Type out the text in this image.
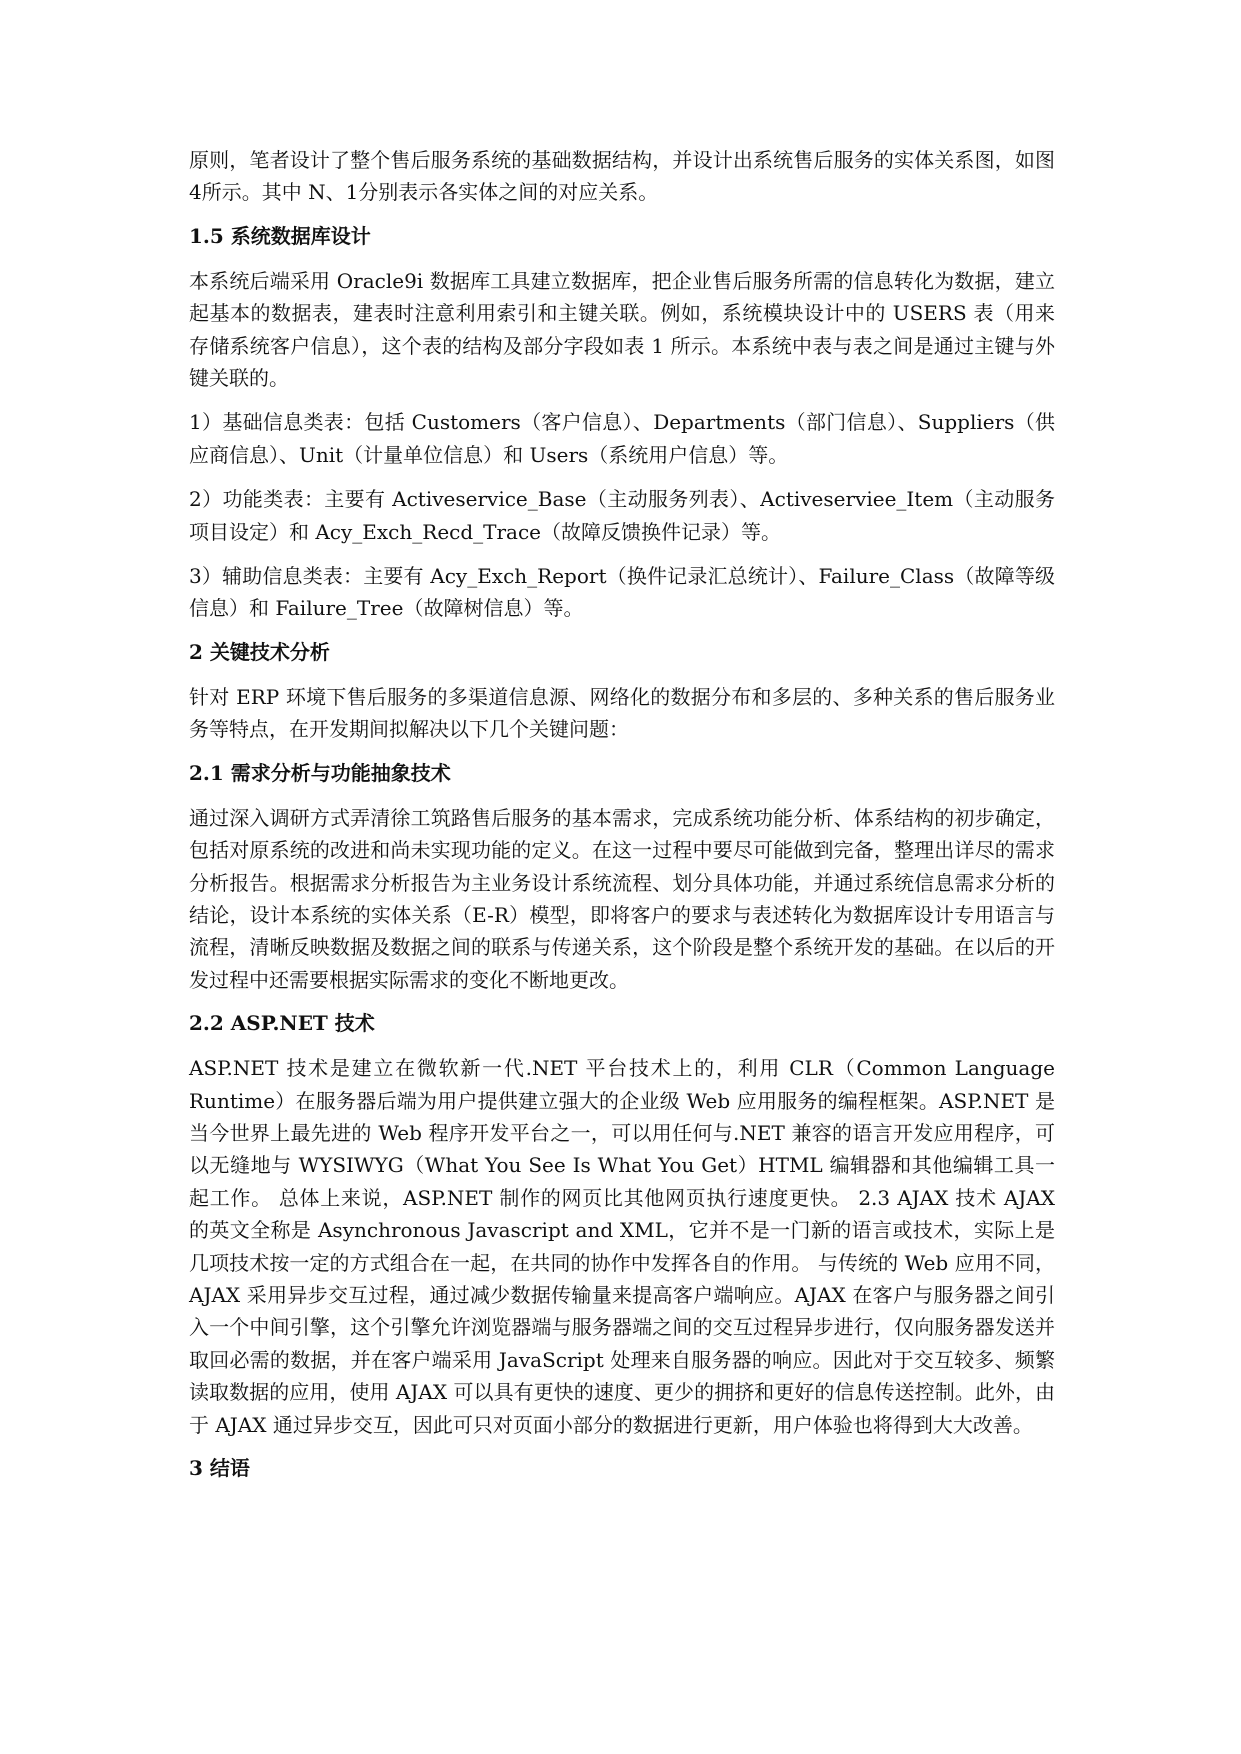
原则，笔者设计了整个售后服务系统的基础数据结构，并设计出系统售后服务的实体关系图，如图4所示。其中 N、1分别表示各实体之间的对应关系。

1.5 系统数据库设计

本系统后端采用 Oracle9i 数据库工具建立数据库，把企业售后服务所需的信息转化为数据，建立起基本的数据表，建表时注意利用索引和主键关联。例如，系统模块设计中的 USERS 表（用来存储系统客户信息），这个表的结构及部分字段如表 1 所示。本系统中表与表之间是通过主键与外键关联的。

1）基础信息类表：包括 Customers（客户信息）、Departments（部门信息）、Suppliers（供应商信息）、Unit（计量单位信息）和 Users（系统用户信息）等。

2）功能类表：主要有 Activeservice_Base（主动服务列表）、Activeserviee_Item（主动服务项目设定）和 Acy_Exch_Recd_Trace（故障反馈换件记录）等。

3）辅助信息类表：主要有 Acy_Exch_Report（换件记录汇总统计）、Failure_Class（故障等级信息）和 Failure_Tree（故障树信息）等。

2 关键技术分析

针对 ERP 环境下售后服务的多渠道信息源、网络化的数据分布和多层的、多种关系的售后服务业务等特点，在开发期间拟解决以下几个关键问题：

2.1 需求分析与功能抽象技术

通过深入调研方式弄清徐工筑路售后服务的基本需求，完成系统功能分析、体系结构的初步确定，包括对原系统的改进和尚未实现功能的定义。在这一过程中要尽可能做到完备，整理出详尽的需求分析报告。根据需求分析报告为主业务设计系统流程、划分具体功能，并通过系统信息需求分析的结论，设计本系统的实体关系（E-R）模型，即将客户的要求与表述转化为数据库设计专用语言与流程，清晰反映数据及数据之间的联系与传递关系，这个阶段是整个系统开发的基础。在以后的开发过程中还需要根据实际需求的变化不断地更改。

2.2 ASP.NET 技术

ASP.NET 技术是建立在微软新一代.NET 平台技术上的，利用 CLR（Common Language Runtime）在服务器后端为用户提供建立强大的企业级 Web 应用服务的编程框架。ASP.NET 是当今世界上最先进的 Web 程序开发平台之一，可以用任何与.NET 兼容的语言开发应用程序，可以无缝地与 WYSIWYG（What You See Is What You Get）HTML 编辑器和其他编辑工具一起工作。 总体上来说，ASP.NET 制作的网页比其他网页执行速度更快。 2.3 AJAX 技术 AJAX 的英文全称是 Asynchronous Javascript and XML，它并不是一门新的语言或技术，实际上是几项技术按一定的方式组合在一起，在共同的协作中发挥各自的作用。 与传统的 Web 应用不同，AJAX 采用异步交互过程，通过减少数据传输量来提高客户端响应。AJAX 在客户与服务器之间引入一个中间引擎，这个引擎允许浏览器端与服务器端之间的交互过程异步进行，仅向服务器发送并取回必需的数据，并在客户端采用 JavaScript 处理来自服务器的响应。因此对于交互较多、频繁读取数据的应用，使用 AJAX 可以具有更快的速度、更少的拥挤和更好的信息传送控制。此外，由于 AJAX 通过异步交互，因此可只对页面小部分的数据进行更新，用户体验也将得到大大改善。

3 结语
